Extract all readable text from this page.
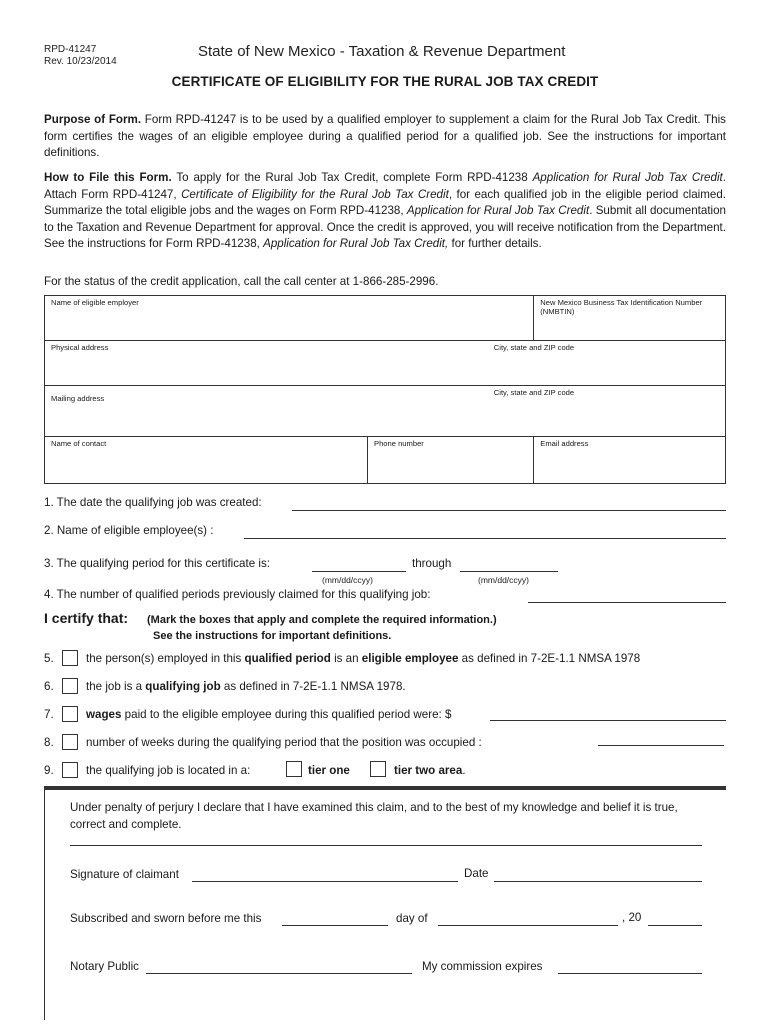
RPD-41247
Rev. 10/23/2014
State of New Mexico - Taxation & Revenue Department
CERTIFICATE OF ELIGIBILITY FOR THE RURAL JOB TAX CREDIT
Purpose of Form. Form RPD-41247 is to be used by a qualified employer to supplement a claim for the Rural Job Tax Credit. This form certifies the wages of an eligible employee during a qualified period for a qualified job. See the instructions for important definitions.
How to File this Form. To apply for the Rural Job Tax Credit, complete Form RPD-41238 Application for Rural Job Tax Credit. Attach Form RPD-41247, Certificate of Eligibility for the Rural Job Tax Credit, for each qualified job in the eligible period claimed. Summarize the total eligible jobs and the wages on Form RPD-41238, Application for Rural Job Tax Credit. Submit all documentation to the Taxation and Revenue Department for approval. Once the credit is approved, you will receive notification from the Department. See the instructions for Form RPD-41238, Application for Rural Job Tax Credit, for further details.
For the status of the credit application, call the call center at 1-866-285-2996.
Name of eligible employer		New Mexico Business Tax Identification Number (NMBTIN)
Physical address		City, state and ZIP code
Mailing address		City, state and ZIP code
Name of contact	Phone number	Email address
1. The date the qualifying job was created:
2. Name of eligible employee(s) :
3. The qualifying period for this certificate is:	through
(mm/dd/ccyy)	(mm/dd/ccyy)
4. The number of qualified periods previously claimed for this qualifying job:
I certify that: (Mark the boxes that apply and complete the required information.)
See the instructions for important definitions.
5.	the person(s) employed in this qualified period is an eligible employee as defined in 7-2E-1.1 NMSA 1978
6.	the job is a qualifying job as defined in 7-2E-1.1 NMSA 1978.
7.	wages paid to the eligible employee during this qualified period were: $
8.	number of weeks during the qualifying period that the position was occupied :
9.	the qualifying job is located in a:	tier one	tier two area.
Under penalty of perjury I declare that I have examined this claim, and to the best of my knowledge and belief it is true, correct and complete.
Signature of claimant	Date
Subscribed and sworn before me this	day of	, 20
Notary Public	My commission expires
